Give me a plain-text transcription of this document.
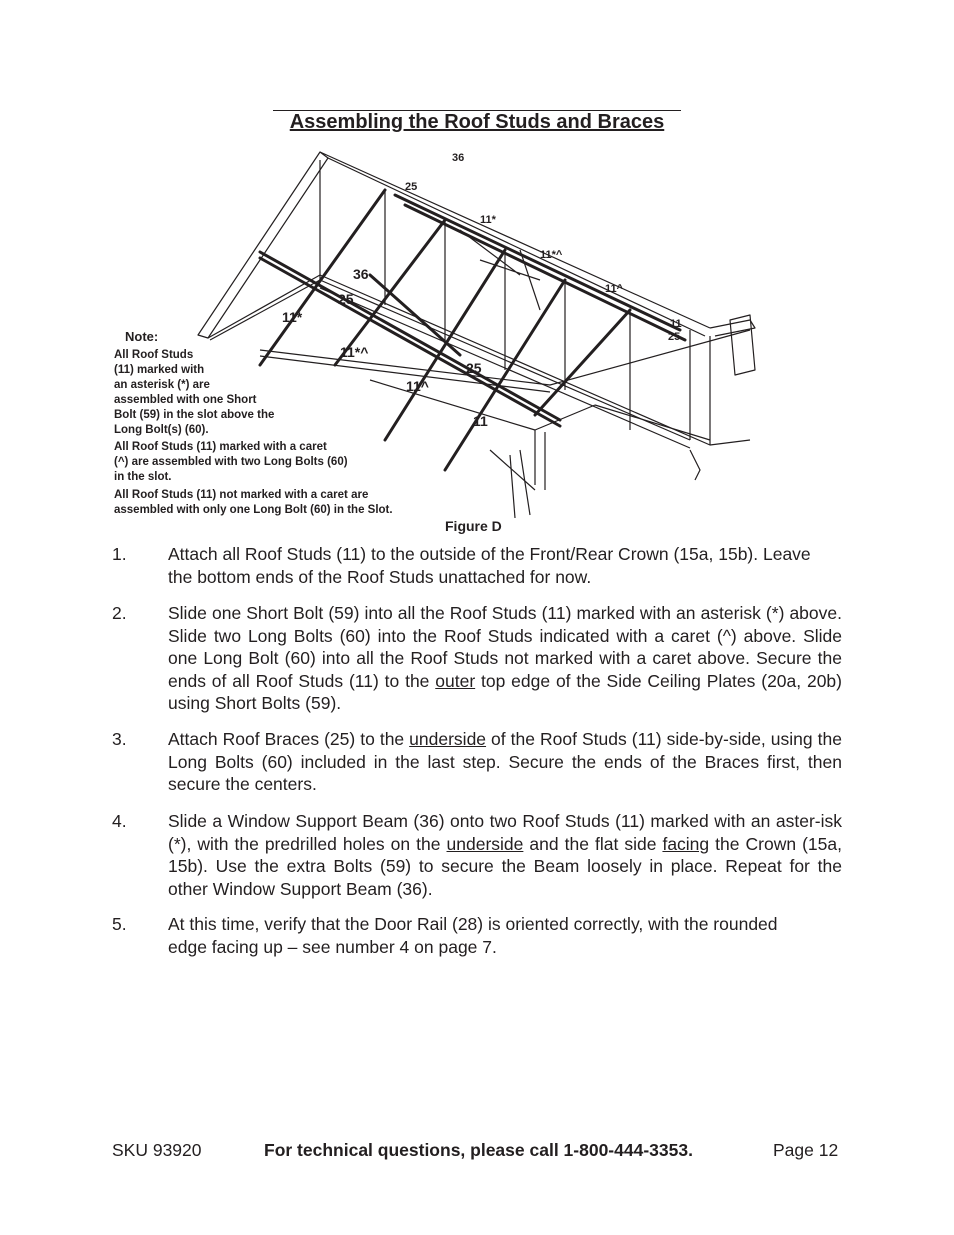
Assembling the Roof Studs and Braces
36
25
11*
11*^
11^
11
25
36
25
11*
11*^
25
11^
11
Note:
All Roof Studs
(11) marked with
an asterisk (*) are
assembled with one Short
Bolt (59) in the slot above the
Long Bolt(s) (60).
All Roof Studs (11) marked with a caret
(^) are assembled with two Long Bolts (60)
in the slot.
All Roof Studs (11) not marked with a caret are
assembled with only one Long Bolt (60) in the Slot.
Figure D
1. Attach all Roof Studs (11) to the outside of the Front/Rear Crown (15a, 15b). Leave
the bottom ends of the Roof Studs unattached for now.
2. Slide one Short Bolt (59) into all the Roof Studs (11) marked with an asterisk (*) above. Slide two Long Bolts (60) into the Roof Studs indicated with a caret (^) above. Slide one Long Bolt (60) into all the Roof Studs not marked with a caret above. Secure the ends of all Roof Studs (11) to the outer top edge of the Side Ceiling Plates (20a, 20b) using Short Bolts (59).
3. Attach Roof Braces (25) to the underside of the Roof Studs (11) side-by-side, using the Long Bolts (60) included in the last step. Secure the ends of the Braces first, then secure the centers.
4. Slide a Window Support Beam (36) onto two Roof Studs (11) marked with an aster-isk (*), with the predrilled holes on the underside and the flat side facing the Crown (15a, 15b). Use the extra Bolts (59) to secure the Beam loosely in place. Repeat for the other Window Support Beam (36).
5. At this time, verify that the Door Rail (28) is oriented correctly, with the rounded
edge facing up – see number 4 on page 7.
SKU 93920	For technical questions, please call 1-800-444-3353.	Page 12
